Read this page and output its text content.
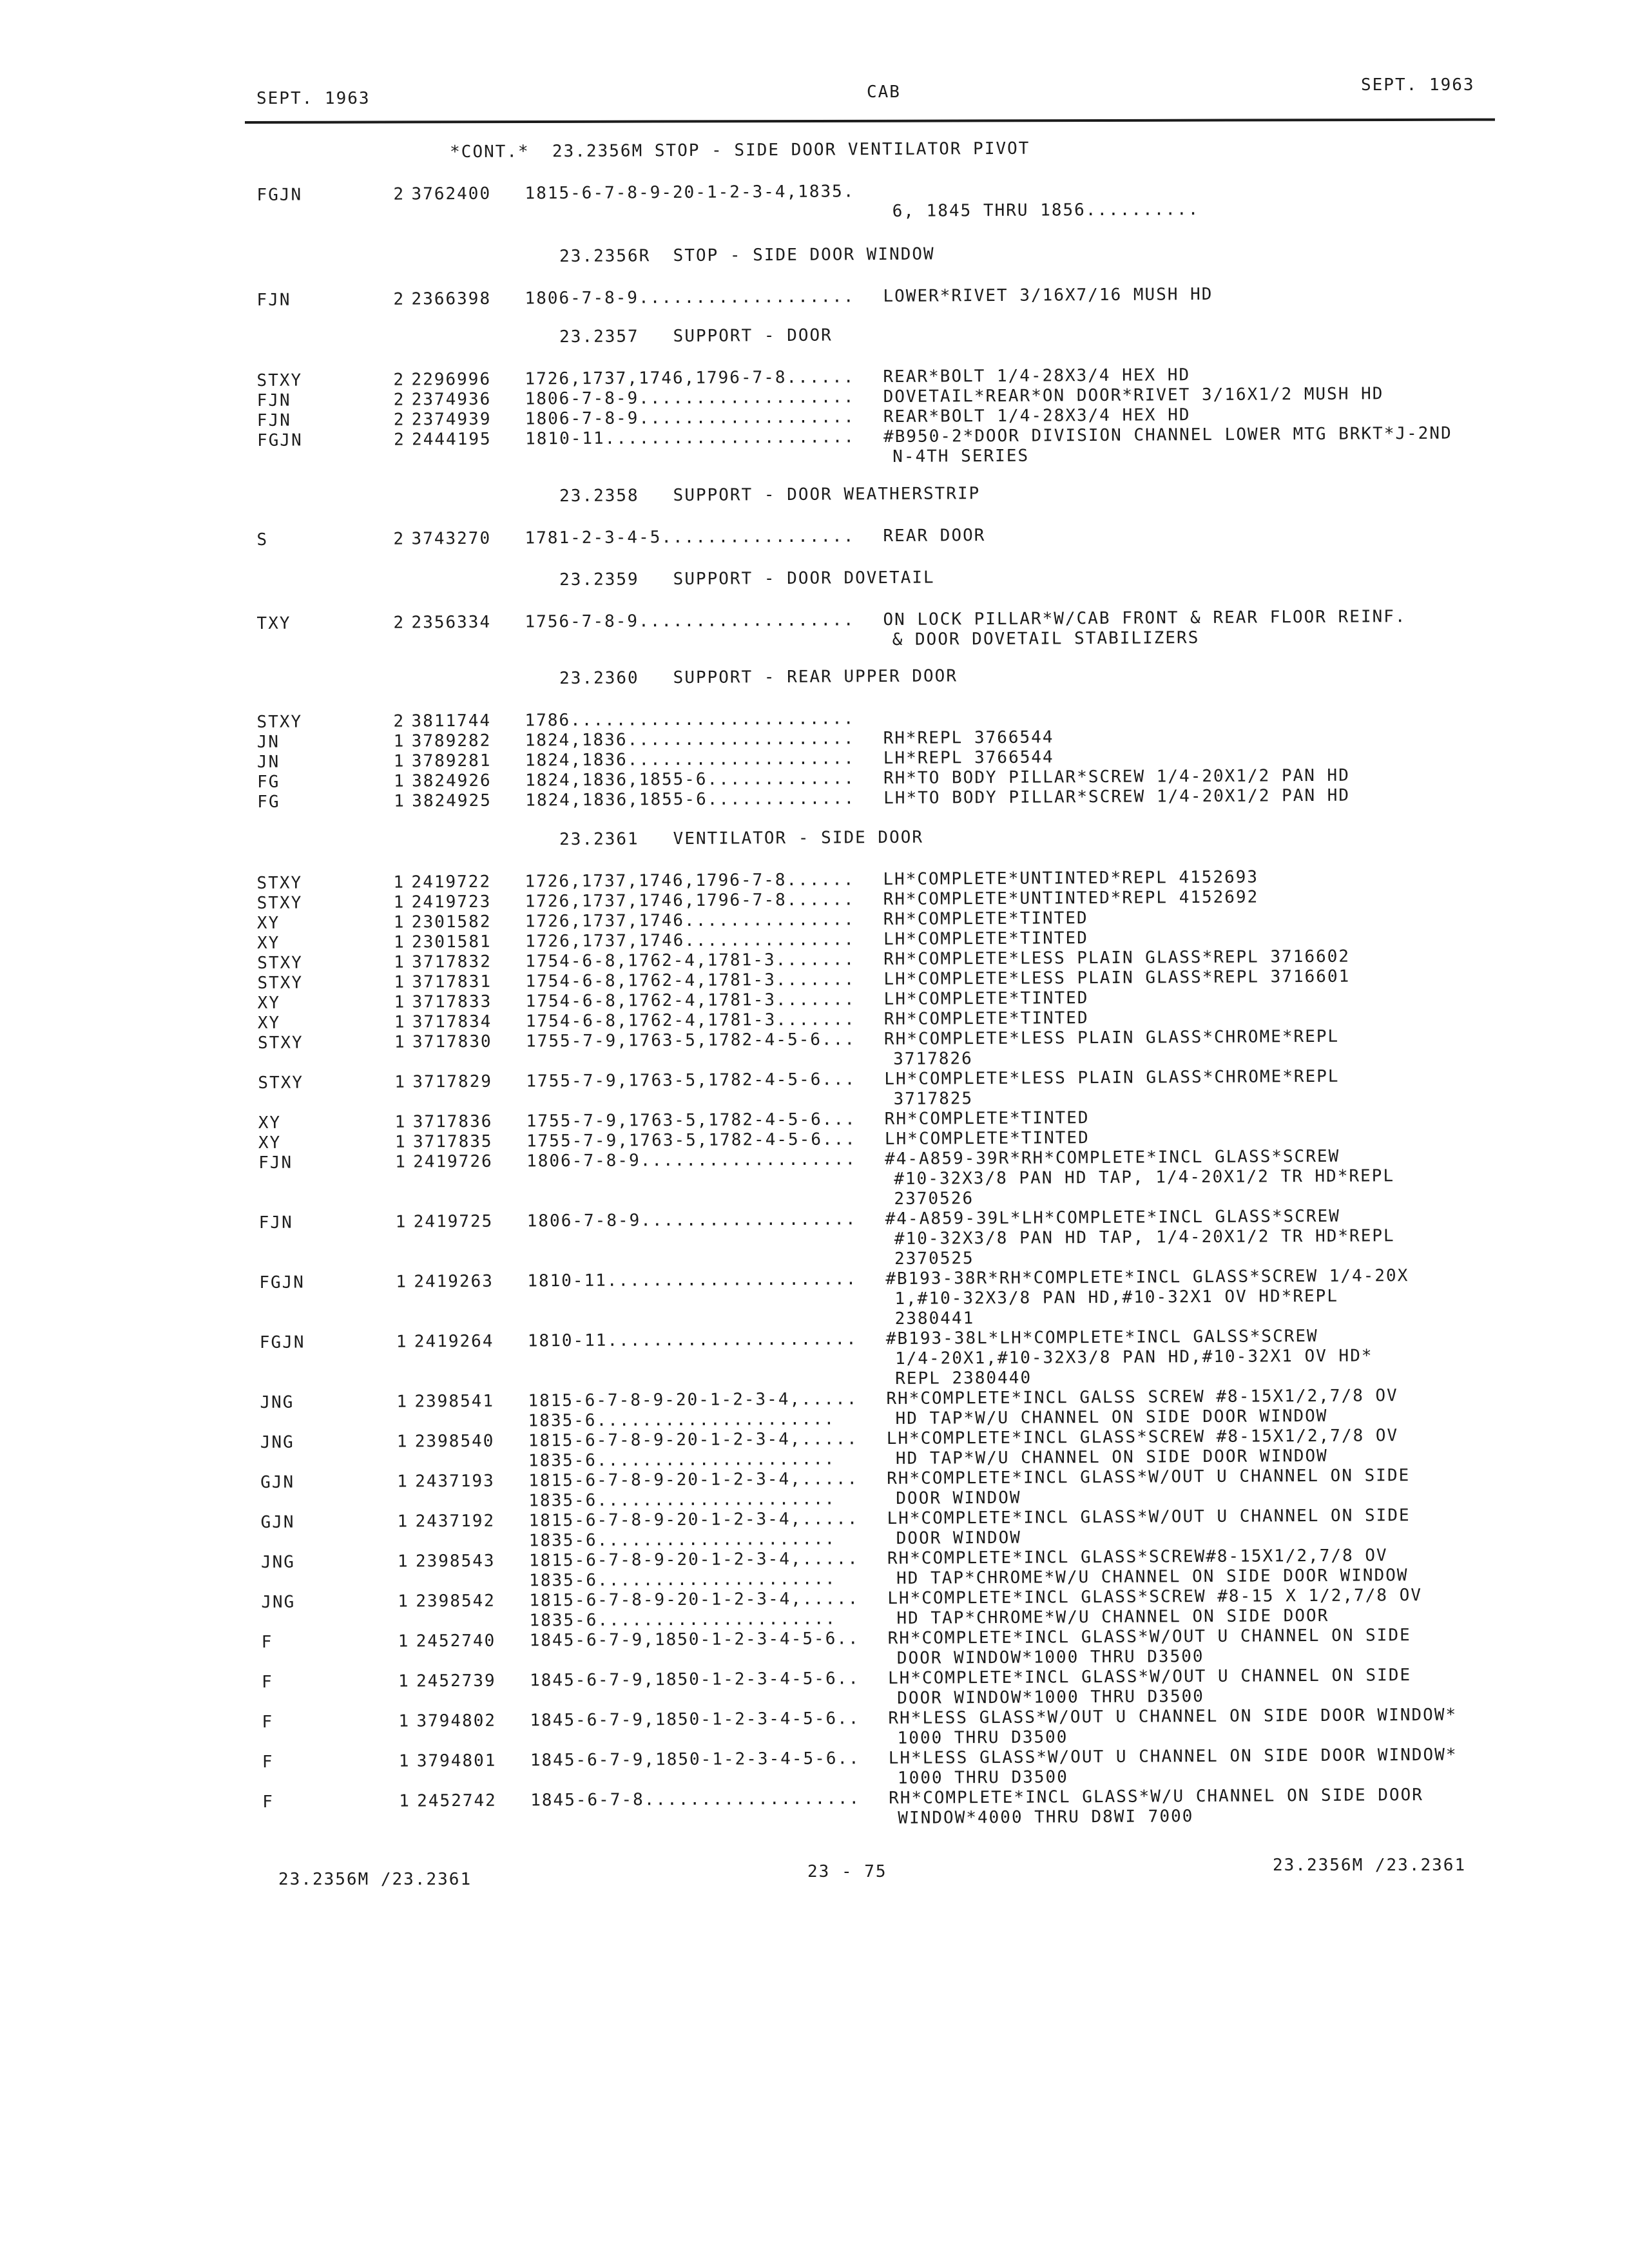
SEPT. 1963	CAB	SEPT. 1963
*CONT.*  23.2356M STOP - SIDE DOOR VENTILATOR PIVOT
FGJN	2 3762400 1815-6-7-8-9-20-1-2-3-4,1835.
6, 1845 THRU 1856..........
23.2356R  STOP - SIDE DOOR WINDOW
FJN	2 2366398 1806-7-8-9................... LOWER*RIVET 3/16X7/16 MUSH HD
23.2357   SUPPORT - DOOR
STXY	2 2296996 1726,1737,1746,1796-7-8...... REAR*BOLT 1/4-28X3/4 HEX HD
FJN	2 2374936 1806-7-8-9................... DOVETAIL*REAR*ON DOOR*RIVET 3/16X1/2 MUSH HD
FJN	2 2374939 1806-7-8-9................... REAR*BOLT 1/4-28X3/4 HEX HD
FGJN	2 2444195 1810-11...................... #B950-2*DOOR DIVISION CHANNEL LOWER MTG BRKT*J-2ND
N-4TH SERIES
23.2358   SUPPORT - DOOR WEATHERSTRIP
S	2 3743270 1781-2-3-4-5................. REAR DOOR
23.2359   SUPPORT - DOOR DOVETAIL
TXY	2 2356334 1756-7-8-9................... ON LOCK PILLAR*W/CAB FRONT & REAR FLOOR REINF.
& DOOR DOVETAIL STABILIZERS
23.2360   SUPPORT - REAR UPPER DOOR
STXY	2 3811744 1786.........................
JN	1 3789282 1824,1836.................... RH*REPL 3766544
JN	1 3789281 1824,1836.................... LH*REPL 3766544
FG	1 3824926 1824,1836,1855-6............. RH*TO BODY PILLAR*SCREW 1/4-20X1/2 PAN HD
FG	1 3824925 1824,1836,1855-6............. LH*TO BODY PILLAR*SCREW 1/4-20X1/2 PAN HD
23.2361   VENTILATOR - SIDE DOOR
STXY	1 2419722 1726,1737,1746,1796-7-8...... LH*COMPLETE*UNTINTED*REPL 4152693
STXY	1 2419723 1726,1737,1746,1796-7-8...... RH*COMPLETE*UNTINTED*REPL 4152692
XY	1 2301582 1726,1737,1746............... RH*COMPLETE*TINTED
XY	1 2301581 1726,1737,1746............... LH*COMPLETE*TINTED
STXY	1 3717832 1754-6-8,1762-4,1781-3....... RH*COMPLETE*LESS PLAIN GLASS*REPL 3716602
STXY	1 3717831 1754-6-8,1762-4,1781-3....... LH*COMPLETE*LESS PLAIN GLASS*REPL 3716601
XY	1 3717833 1754-6-8,1762-4,1781-3....... LH*COMPLETE*TINTED
XY	1 3717834 1754-6-8,1762-4,1781-3....... RH*COMPLETE*TINTED
STXY	1 3717830 1755-7-9,1763-5,1782-4-5-6... RH*COMPLETE*LESS PLAIN GLASS*CHROME*REPL
3717826
STXY	1 3717829 1755-7-9,1763-5,1782-4-5-6... LH*COMPLETE*LESS PLAIN GLASS*CHROME*REPL
3717825
XY	1 3717836 1755-7-9,1763-5,1782-4-5-6... RH*COMPLETE*TINTED
XY	1 3717835 1755-7-9,1763-5,1782-4-5-6... LH*COMPLETE*TINTED
FJN	1 2419726 1806-7-8-9................... #4-A859-39R*RH*COMPLETE*INCL GLASS*SCREW
#10-32X3/8 PAN HD TAP, 1/4-20X1/2 TR HD*REPL
2370526
FJN	1 2419725 1806-7-8-9................... #4-A859-39L*LH*COMPLETE*INCL GLASS*SCREW
#10-32X3/8 PAN HD TAP, 1/4-20X1/2 TR HD*REPL
2370525
FGJN	1 2419263 1810-11...................... #B193-38R*RH*COMPLETE*INCL GLASS*SCREW 1/4-20X
1,#10-32X3/8 PAN HD,#10-32X1 OV HD*REPL
2380441
FGJN	1 2419264 1810-11...................... #B193-38L*LH*COMPLETE*INCL GALSS*SCREW
1/4-20X1,#10-32X3/8 PAN HD,#10-32X1 OV HD*
REPL 2380440
JNG	1 2398541 1815-6-7-8-9-20-1-2-3-4,..... RH*COMPLETE*INCL GALSS SCREW #8-15X1/2,7/8 OV
1835-6.....................	HD TAP*W/U CHANNEL ON SIDE DOOR WINDOW
JNG	1 2398540 1815-6-7-8-9-20-1-2-3-4,..... LH*COMPLETE*INCL GLASS*SCREW #8-15X1/2,7/8 OV
1835-6.....................	HD TAP*W/U CHANNEL ON SIDE DOOR WINDOW
GJN	1 2437193 1815-6-7-8-9-20-1-2-3-4,..... RH*COMPLETE*INCL GLASS*W/OUT U CHANNEL ON SIDE
1835-6.....................	DOOR WINDOW
GJN	1 2437192 1815-6-7-8-9-20-1-2-3-4,..... LH*COMPLETE*INCL GLASS*W/OUT U CHANNEL ON SIDE
1835-6.....................	DOOR WINDOW
JNG	1 2398543 1815-6-7-8-9-20-1-2-3-4,..... RH*COMPLETE*INCL GLASS*SCREW#8-15X1/2,7/8 OV
1835-6.....................	HD TAP*CHROME*W/U CHANNEL ON SIDE DOOR WINDOW
JNG	1 2398542 1815-6-7-8-9-20-1-2-3-4,..... LH*COMPLETE*INCL GLASS*SCREW #8-15 X 1/2,7/8 OV
1835-6.....................	HD TAP*CHROME*W/U CHANNEL ON SIDE DOOR
F	1 2452740 1845-6-7-9,1850-1-2-3-4-5-6.. RH*COMPLETE*INCL GLASS*W/OUT U CHANNEL ON SIDE
DOOR WINDOW*1000 THRU D3500
F	1 2452739 1845-6-7-9,1850-1-2-3-4-5-6.. LH*COMPLETE*INCL GLASS*W/OUT U CHANNEL ON SIDE
DOOR WINDOW*1000 THRU D3500
F	1 3794802 1845-6-7-9,1850-1-2-3-4-5-6.. RH*LESS GLASS*W/OUT U CHANNEL ON SIDE DOOR WINDOW*
1000 THRU D3500
F	1 3794801 1845-6-7-9,1850-1-2-3-4-5-6.. LH*LESS GLASS*W/OUT U CHANNEL ON SIDE DOOR WINDOW*
1000 THRU D3500
F	1 2452742 1845-6-7-8................... RH*COMPLETE*INCL GLASS*W/U CHANNEL ON SIDE DOOR
WINDOW*4000 THRU D8WI 7000
23.2356M /23.2361	23 - 75	23.2356M /23.2361
